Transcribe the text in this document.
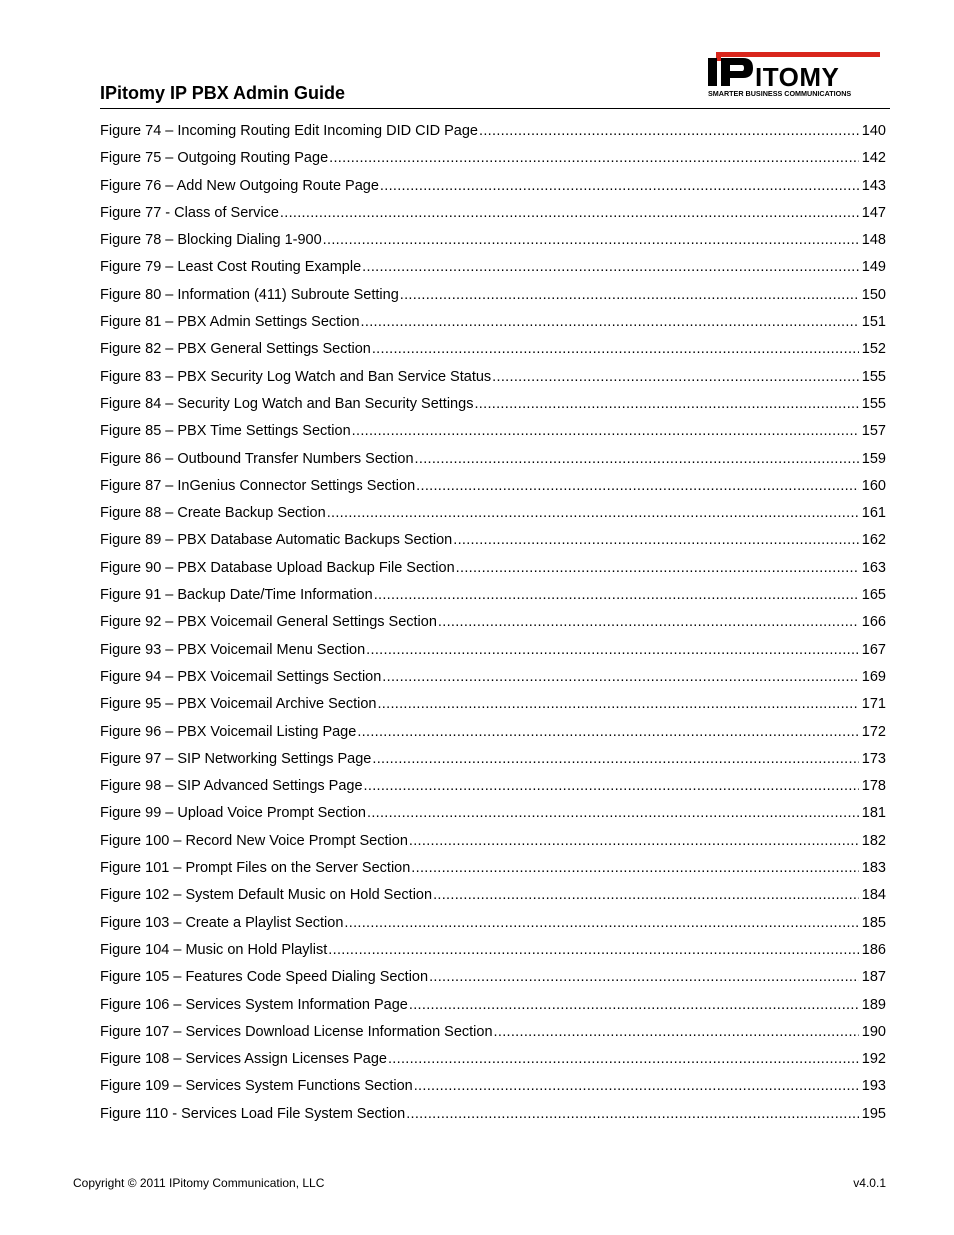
IPitomy IP PBX Admin Guide
ITOMY
SMARTER BUSINESS COMMUNICATIONS
Figure 74 – Incoming Routing Edit Incoming DID CID Page .....	140
Figure 75 – Outgoing Routing Page .....	142
Figure 76 – Add New Outgoing Route Page .....	143
Figure 77 - Class of Service .....	147
Figure 78 – Blocking Dialing 1-900 .....	148
Figure 79 – Least Cost Routing Example .....	149
Figure 80 – Information (411) Subroute Setting .....	150
Figure 81 – PBX Admin Settings Section .....	151
Figure 82 – PBX General Settings Section .....	152
Figure 83 – PBX Security Log Watch and Ban Service Status .....	155
Figure 84 – Security Log Watch and Ban Security Settings .....	155
Figure 85 – PBX Time Settings Section .....	157
Figure 86 – Outbound Transfer Numbers Section .....	159
Figure 87 – InGenius Connector Settings Section .....	160
Figure 88 – Create Backup Section .....	161
Figure 89 – PBX Database Automatic Backups Section .....	162
Figure 90 – PBX Database Upload Backup File Section .....	163
Figure 91 – Backup Date/Time Information .....	165
Figure 92 – PBX Voicemail General Settings Section .....	166
Figure 93 – PBX Voicemail Menu Section .....	167
Figure 94 – PBX Voicemail Settings Section .....	169
Figure 95 – PBX Voicemail Archive Section .....	171
Figure 96 – PBX Voicemail Listing Page .....	172
Figure 97 – SIP Networking Settings Page .....	173
Figure 98 – SIP Advanced Settings Page .....	178
Figure 99 – Upload Voice Prompt Section .....	181
Figure 100 – Record New Voice Prompt Section .....	182
Figure 101 – Prompt Files on the Server Section .....	183
Figure 102 – System Default Music on Hold Section .....	184
Figure 103 – Create a Playlist Section .....	185
Figure 104 – Music on Hold Playlist .....	186
Figure 105 – Features Code Speed Dialing Section .....	187
Figure 106 – Services System Information Page .....	189
Figure 107 – Services Download License Information Section .....	190
Figure 108 – Services Assign Licenses Page .....	192
Figure 109 – Services System Functions Section .....	193
Figure 110 - Services Load File System Section .....	195
Copyright © 2011 IPitomy Communication, LLC	v4.0.1
